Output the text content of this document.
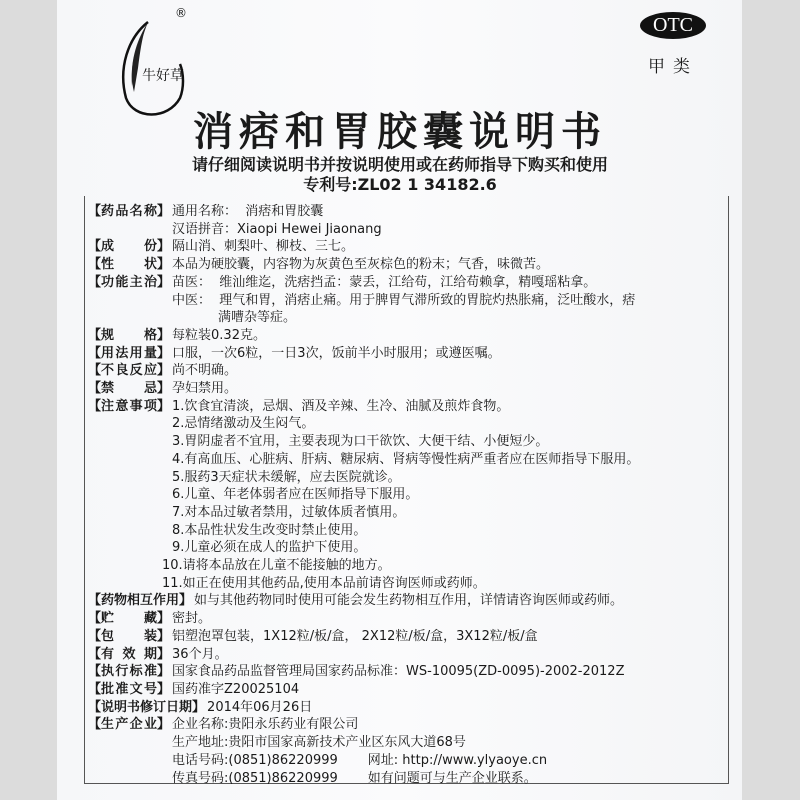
牛好草
®
OTC
甲类
消痞和胃胶囊说明书
请仔细阅读说明书并按说明使用或在药师指导下购买和使用
专利号:ZL02 1 34182.6
【 药品名称 】 通用名称：  消痞和胃胶囊
汉语拼音：Xiaopi Hewei Jiaonang
【 成份 】 隔山消、刺梨叶、柳枝、三七。
【 性状 】 本品为硬胶囊，内容物为灰黄色至灰棕色的粉末；气香，味微苦。
【 功能主治 】 苗医：  维汕维迄，洗痞挡孟：蒙丢，江给苟，江给苟赖拿，精嘎瑶粘拿。
中医：  理气和胃，消痞止痛。用于脾胃气滞所致的胃脘灼热胀痛，泛吐酸水，痞
满嘈杂等症。
【 规格 】 每粒装0.32克。
【 用法用量 】 口服，一次6粒，一日3次，饭前半小时服用；或遵医嘱。
【 不良反应 】 尚不明确。
【 禁忌 】 孕妇禁用。
【 注意事项 】 1.饮食宜清淡，忌烟、酒及辛辣、生冷、油腻及煎炸食物。
2.忌情绪激动及生闷气。
3.胃阴虚者不宜用，主要表现为口干欲饮、大便干结、小便短少。
4.有高血压、心脏病、肝病、糖尿病、肾病等慢性病严重者应在医师指导下服用。
5.服药3天症状未缓解，应去医院就诊。
6.儿童、年老体弱者应在医师指导下服用。
7.对本品过敏者禁用，过敏体质者慎用。
8.本品性状发生改变时禁止使用。
9.儿童必须在成人的监护下使用。
10.请将本品放在儿童不能接触的地方。
11.如正在使用其他药品,使用本品前请咨询医师或药师。
【 药物相互作用 】 如与其他药物同时使用可能会发生药物相互作用，详情请咨询医师或药师。
【 贮藏 】 密封。
【 包装 】 铝塑泡罩包装，1X12粒/板/盒， 2X12粒/板/盒，3X12粒/板/盒
【 有效期 】 36个月。
【 执行标准 】 国家食品药品监督管理局国家药品标准：WS-10095(ZD-0095)-2002-2012Z
【 批准文号 】 国药准字Z20025104
【 说明书修订日期 】 2014年06月26日
【 生产企业 】 企业名称:贵阳永乐药业有限公司
生产地址:贵阳市国家高新技术产业区东风大道68号
电话号码:(0851)86220999 网址: http://www.ylyaoye.cn
传真号码:(0851)86220999 如有问题可与生产企业联系。
